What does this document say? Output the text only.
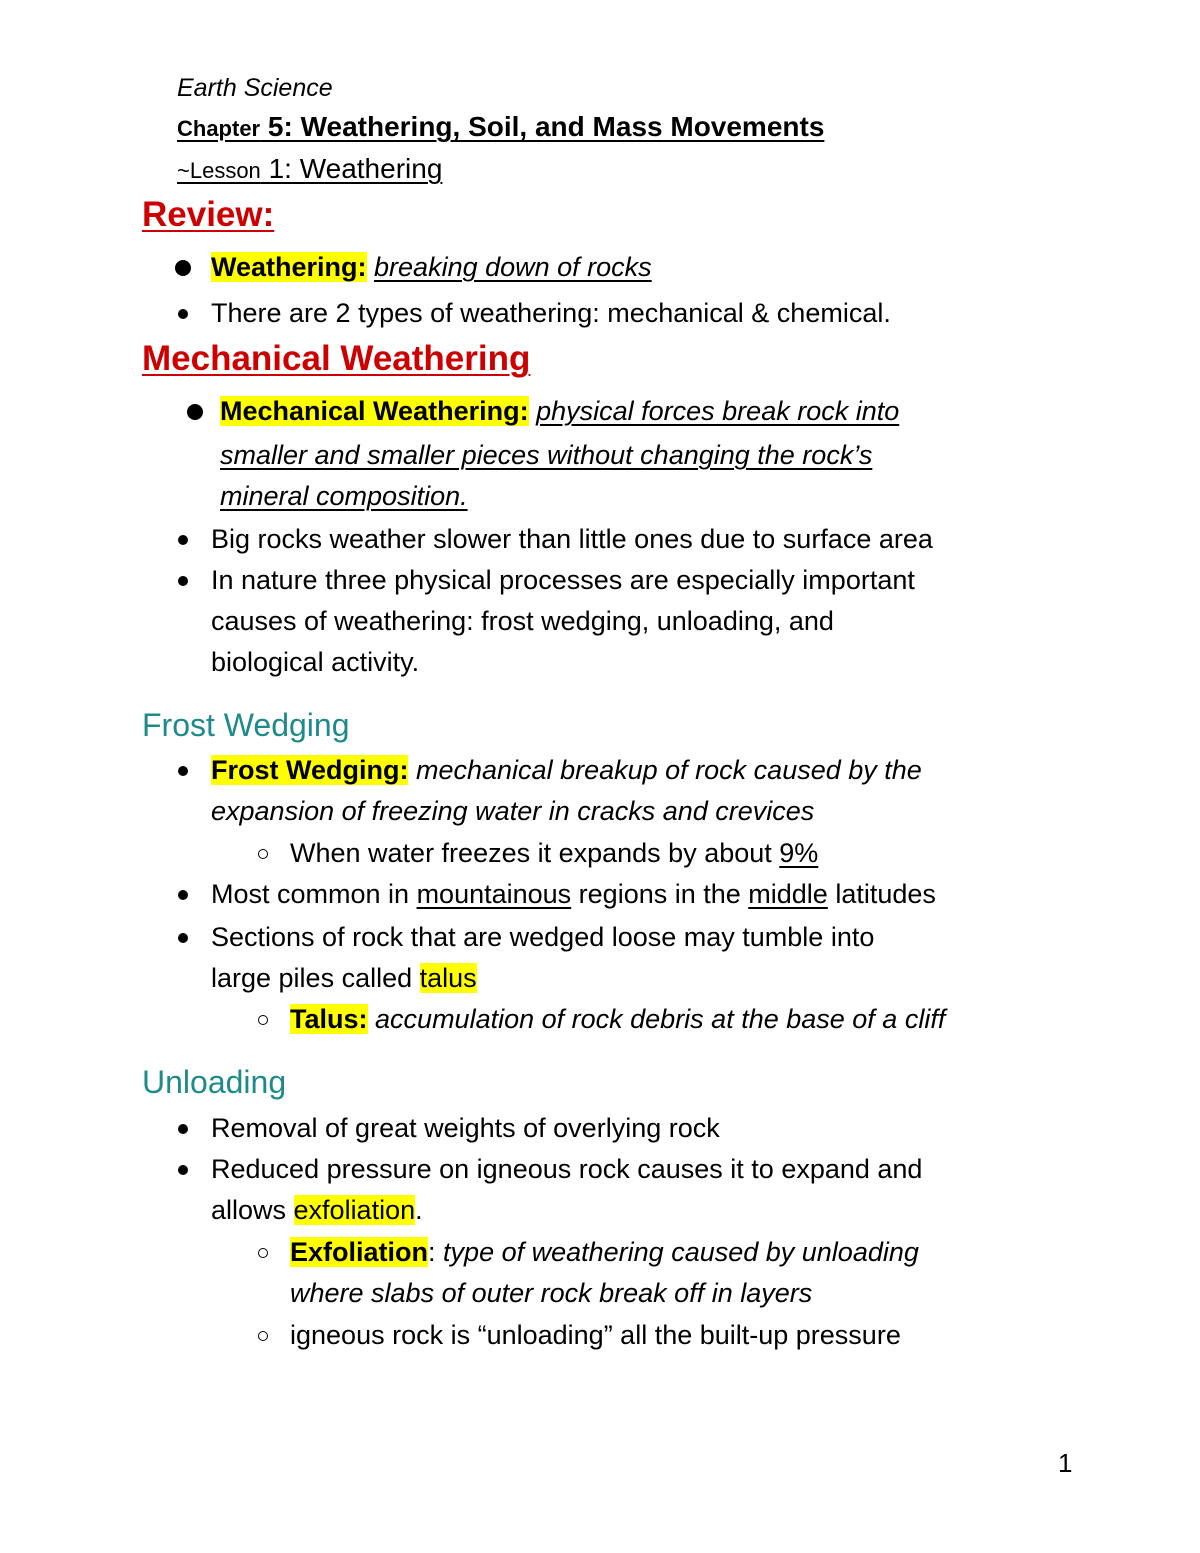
Earth Science
Chapter 5: Weathering, Soil, and Mass Movements
~Lesson 1: Weathering
Review:
Weathering: breaking down of rocks
There are 2 types of weathering: mechanical & chemical.
Mechanical Weathering
Mechanical Weathering: physical forces break rock into
smaller and smaller pieces without changing the rock’s
mineral composition.
Big rocks weather slower than little ones due to surface area
In nature three physical processes are especially important
causes of weathering: frost wedging, unloading, and
biological activity.
Frost Wedging
Frost Wedging: mechanical breakup of rock caused by the
expansion of freezing water in cracks and crevices
When water freezes it expands by about 9%
Most common in mountainous regions in the middle latitudes
Sections of rock that are wedged loose may tumble into
large piles called talus
Talus: accumulation of rock debris at the base of a cliff
Unloading
Removal of great weights of overlying rock
Reduced pressure on igneous rock causes it to expand and
allows exfoliation.
Exfoliation: type of weathering caused by unloading
where slabs of outer rock break off in layers
igneous rock is “unloading” all the built-up pressure
1
